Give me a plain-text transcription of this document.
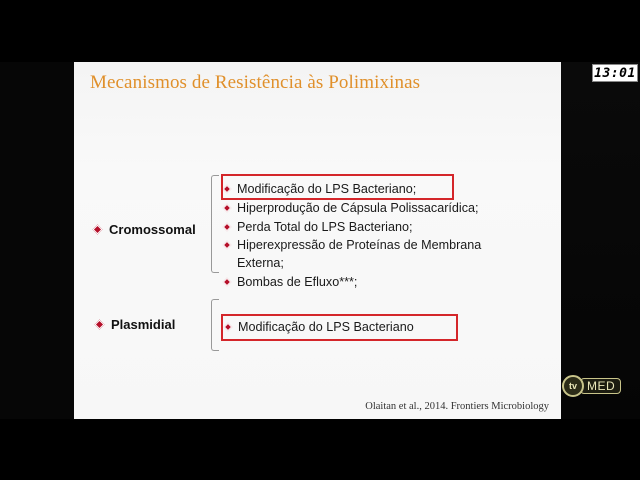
Mecanismos de Resistência às Polimixinas
Cromossomal
Modificação do LPS Bacteriano;
Hiperprodução de Cápsula Polissacarídica;
Perda Total do LPS Bacteriano;
Hiperexpressão de Proteínas de Membrana
Externa;
Bombas de Efluxo***;
Plasmidial	Modificação do LPS Bacteriano
Olaitan et al., 2014. Frontiers Microbiology
13:01
tv MED
